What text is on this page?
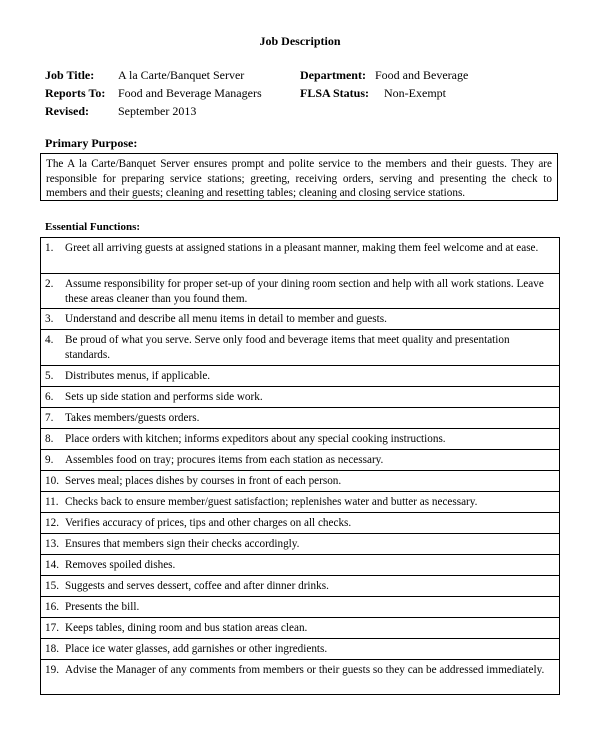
Job Description
Job Title: A la Carte/Banquet Server
Reports To: Food and Beverage Managers
Revised: September 2013
Department: Food and Beverage
FLSA Status: Non-Exempt
Primary Purpose:
The A la Carte/Banquet Server ensures prompt and polite service to the members and their guests. They are responsible for preparing service stations; greeting, receiving orders, serving and presenting the check to members and their guests; cleaning and resetting tables; cleaning and closing service stations.
Essential Functions:
1. Greet all arriving guests at assigned stations in a pleasant manner, making them feel welcome and at ease.
2. Assume responsibility for proper set-up of your dining room section and help with all work stations. Leave these areas cleaner than you found them.
3. Understand and describe all menu items in detail to member and guests.
4. Be proud of what you serve. Serve only food and beverage items that meet quality and presentation standards.
5. Distributes menus, if applicable.
6. Sets up side station and performs side work.
7. Takes members/guests orders.
8. Place orders with kitchen; informs expeditors about any special cooking instructions.
9. Assembles food on tray; procures items from each station as necessary.
10. Serves meal; places dishes by courses in front of each person.
11. Checks back to ensure member/guest satisfaction; replenishes water and butter as necessary.
12. Verifies accuracy of prices, tips and other charges on all checks.
13. Ensures that members sign their checks accordingly.
14. Removes spoiled dishes.
15. Suggests and serves dessert, coffee and after dinner drinks.
16. Presents the bill.
17. Keeps tables, dining room and bus station areas clean.
18. Place ice water glasses, add garnishes or other ingredients.
19. Advise the Manager of any comments from members or their guests so they can be addressed immediately.
